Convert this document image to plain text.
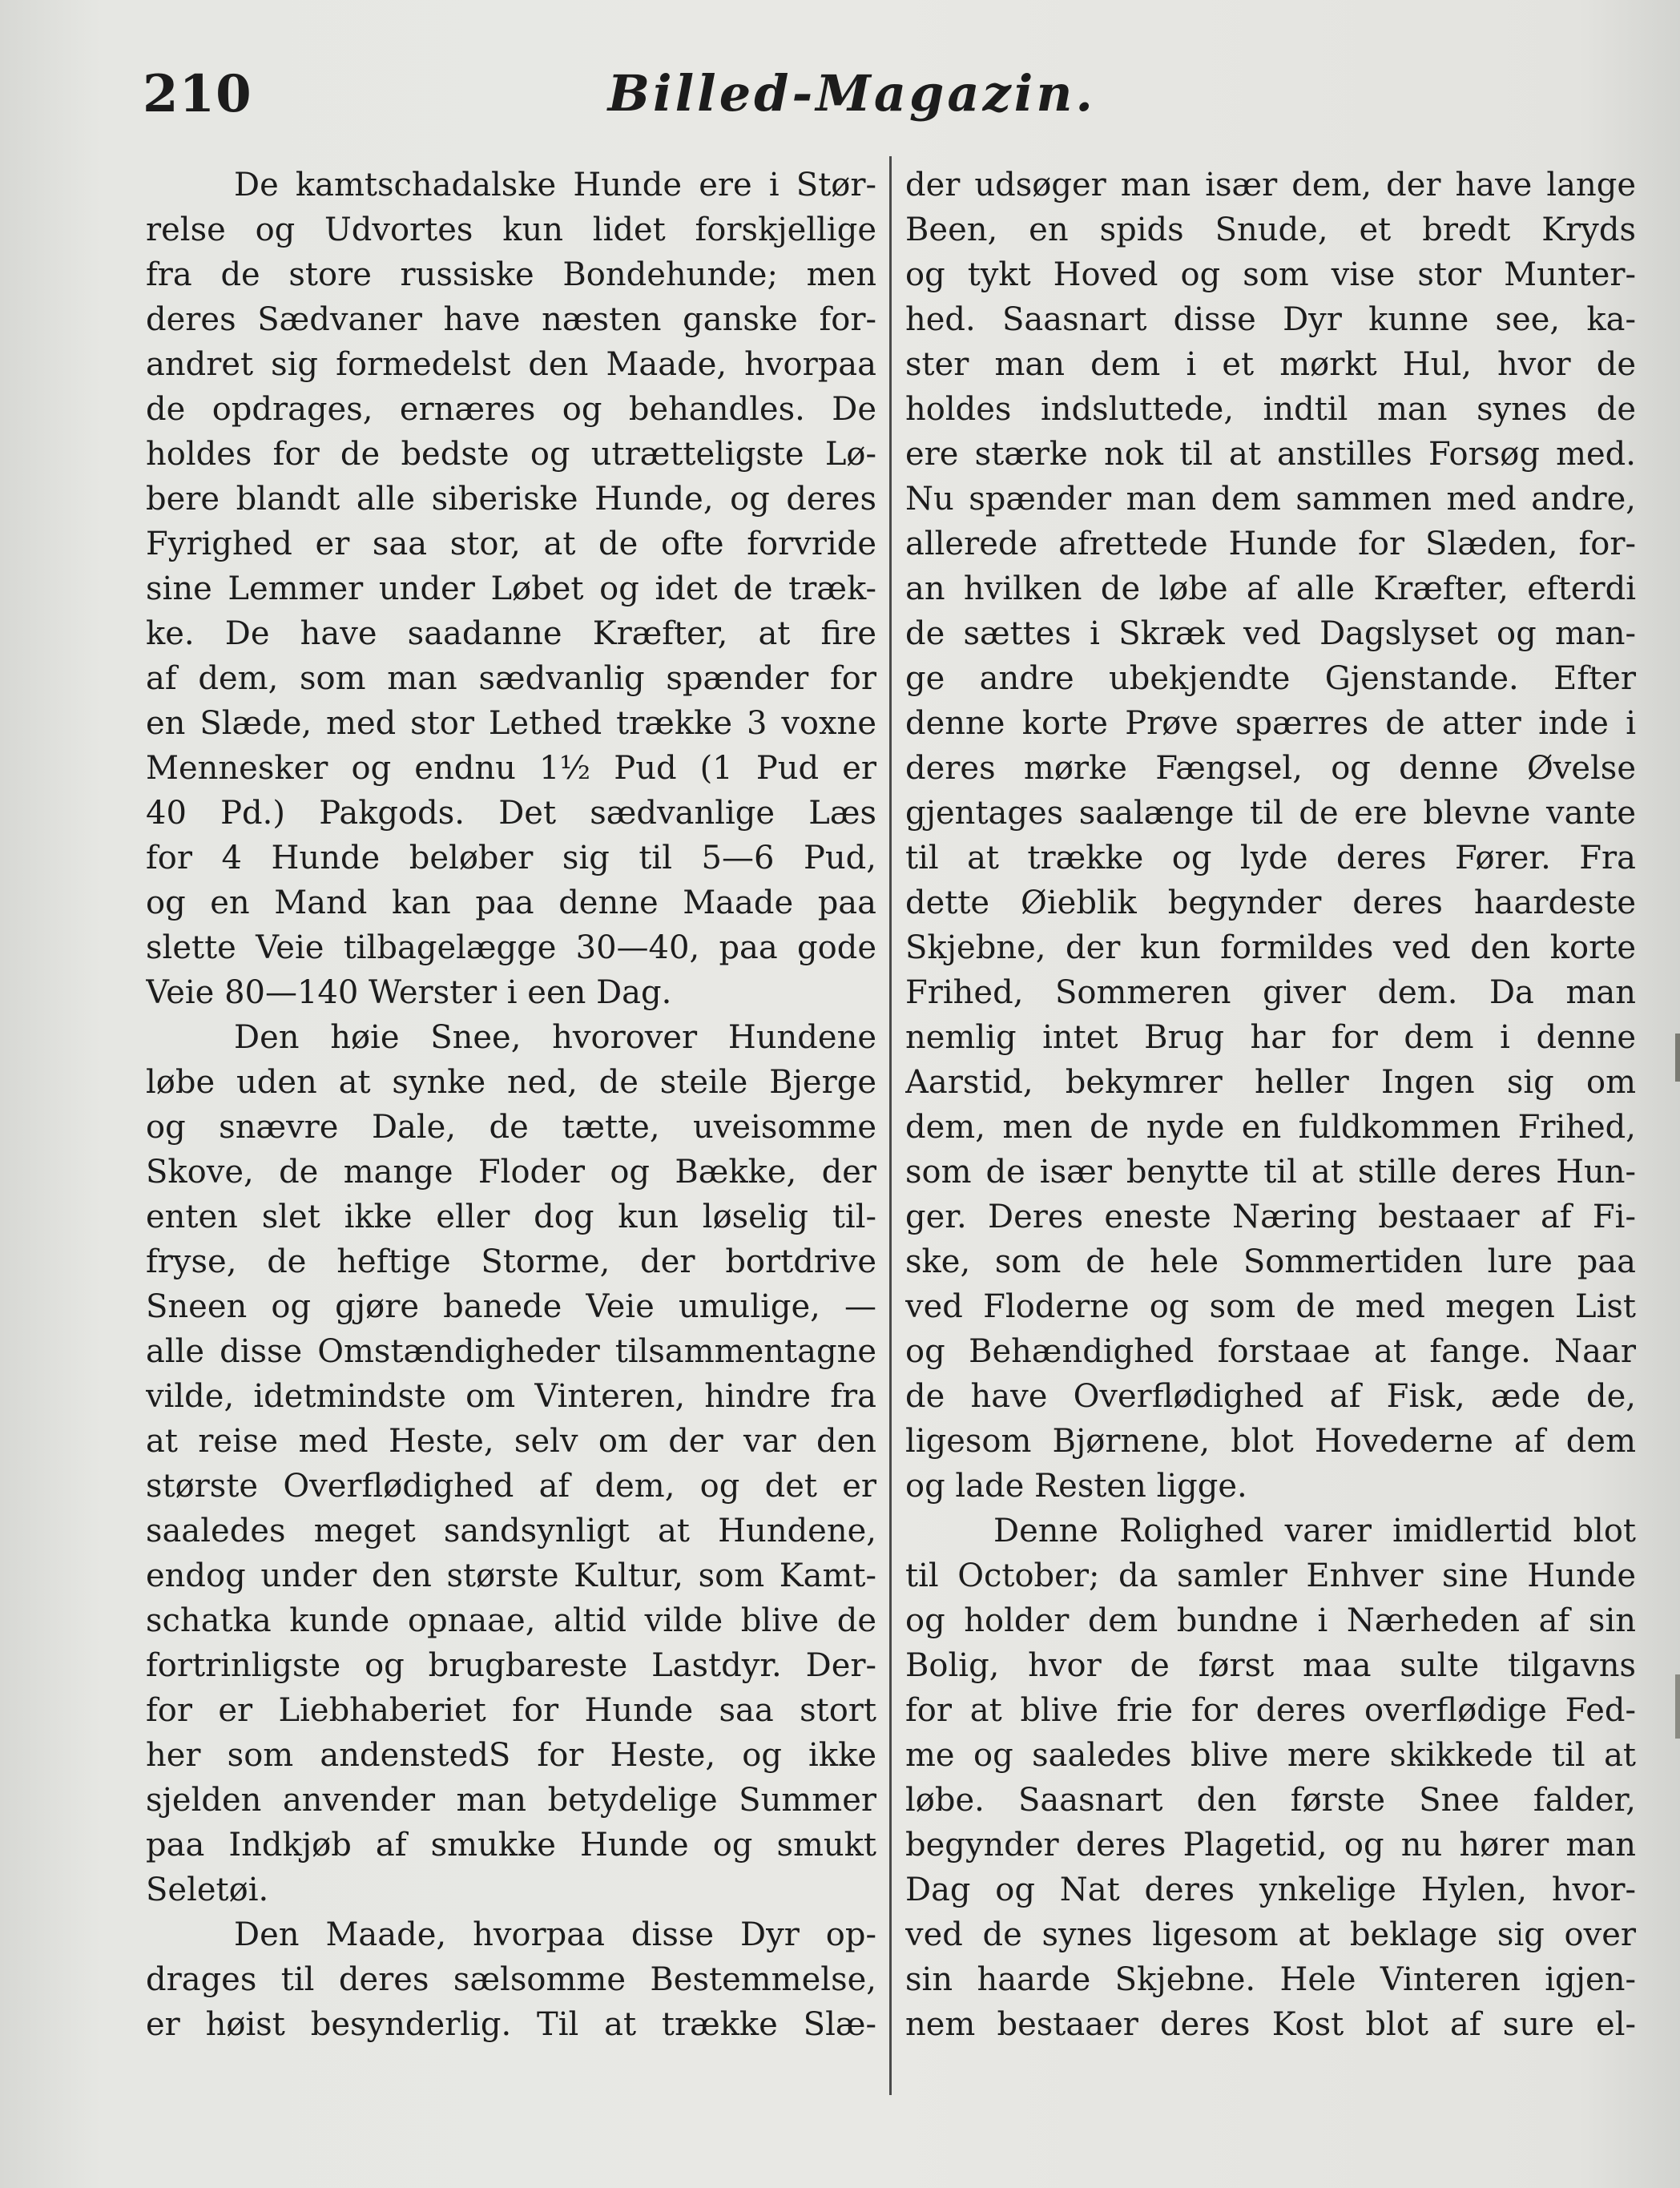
210	Billed-Magazin.
De kamtschadalske Hunde ere i Stør-
relse og Udvortes kun lidet forskjellige
fra de store russiske Bondehunde; men
deres Sædvaner have næsten ganske for-
andret sig formedelst den Maade, hvorpaa
de opdrages, ernæres og behandles. De
holdes for de bedste og utrætteligste Lø-
bere blandt alle siberiske Hunde, og deres
Fyrighed er saa stor, at de ofte forvride
sine Lemmer under Løbet og idet de træk-
ke. De have saadanne Kræfter, at fire
af dem, som man sædvanlig spænder for
en Slæde, med stor Lethed trække 3 voxne
Mennesker og endnu 1½ Pud (1 Pud er
40 Pd.) Pakgods. Det sædvanlige Læs
for 4 Hunde beløber sig til 5—6 Pud,
og en Mand kan paa denne Maade paa
slette Veie tilbagelægge 30—40, paa gode
Veie 80—140 Werster i een Dag.
Den høie Snee, hvorover Hundene
løbe uden at synke ned, de steile Bjerge
og snævre Dale, de tætte, uveisomme
Skove, de mange Floder og Bække, der
enten slet ikke eller dog kun løselig til-
fryse, de heftige Storme, der bortdrive
Sneen og gjøre banede Veie umulige, —
alle disse Omstændigheder tilsammentagne
vilde, idetmindste om Vinteren, hindre fra
at reise med Heste, selv om der var den
største Overflødighed af dem, og det er
saaledes meget sandsynligt at Hundene,
endog under den største Kultur, som Kamt-
schatka kunde opnaae, altid vilde blive de
fortrinligste og brugbareste Lastdyr. Der-
for er Liebhaberiet for Hunde saa stort
her som andenstedS for Heste, og ikke
sjelden anvender man betydelige Summer
paa Indkjøb af smukke Hunde og smukt
Seletøi.
Den Maade, hvorpaa disse Dyr op-
drages til deres sælsomme Bestemmelse,
er høist besynderlig. Til at trække Slæ-
der udsøger man især dem, der have lange
Been, en spids Snude, et bredt Kryds
og tykt Hoved og som vise stor Munter-
hed. Saasnart disse Dyr kunne see, ka-
ster man dem i et mørkt Hul, hvor de
holdes indsluttede, indtil man synes de
ere stærke nok til at anstilles Forsøg med.
Nu spænder man dem sammen med andre,
allerede afrettede Hunde for Slæden, for-
an hvilken de løbe af alle Kræfter, efterdi
de sættes i Skræk ved Dagslyset og man-
ge andre ubekjendte Gjenstande. Efter
denne korte Prøve spærres de atter inde i
deres mørke Fængsel, og denne Øvelse
gjentages saalænge til de ere blevne vante
til at trække og lyde deres Fører. Fra
dette Øieblik begynder deres haardeste
Skjebne, der kun formildes ved den korte
Frihed, Sommeren giver dem. Da man
nemlig intet Brug har for dem i denne
Aarstid, bekymrer heller Ingen sig om
dem, men de nyde en fuldkommen Frihed,
som de især benytte til at stille deres Hun-
ger. Deres eneste Næring bestaaer af Fi-
ske, som de hele Sommertiden lure paa
ved Floderne og som de med megen List
og Behændighed forstaae at fange. Naar
de have Overflødighed af Fisk, æde de,
ligesom Bjørnene, blot Hovederne af dem
og lade Resten ligge.
Denne Rolighed varer imidlertid blot
til October; da samler Enhver sine Hunde
og holder dem bundne i Nærheden af sin
Bolig, hvor de først maa sulte tilgavns
for at blive frie for deres overflødige Fed-
me og saaledes blive mere skikkede til at
løbe. Saasnart den første Snee falder,
begynder deres Plagetid, og nu hører man
Dag og Nat deres ynkelige Hylen, hvor-
ved de synes ligesom at beklage sig over
sin haarde Skjebne. Hele Vinteren igjen-
nem bestaaer deres Kost blot af sure el-
